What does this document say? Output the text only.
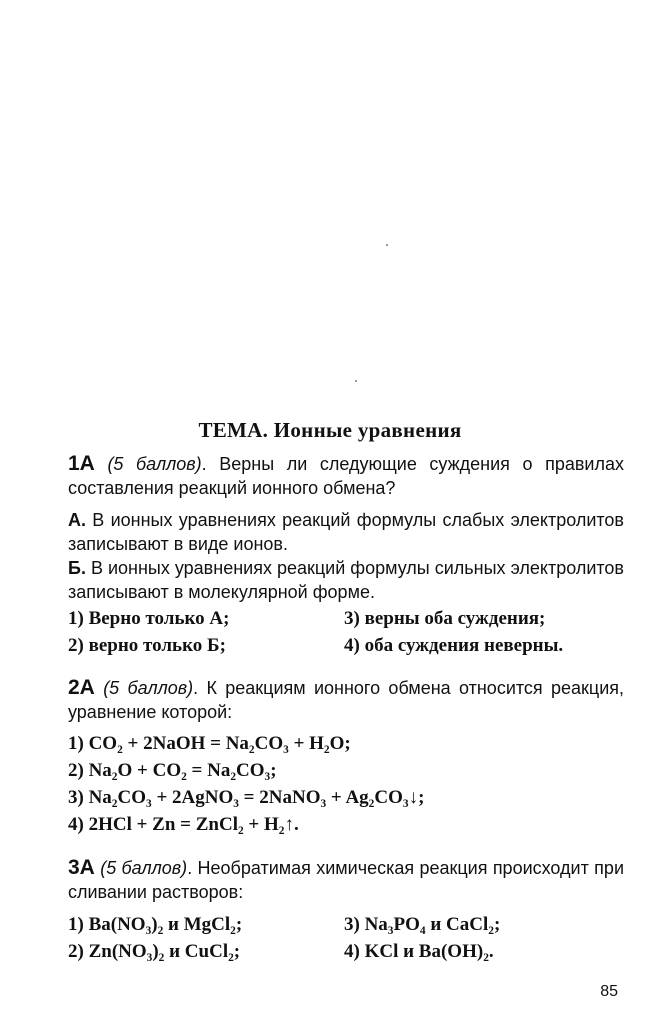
ТЕМА. Ионные уравнения
1А (5 баллов). Верны ли следующие суждения о правилах составления реакций ионного обмена?
А. В ионных уравнениях реакций формулы слабых электролитов записывают в виде ионов.
Б. В ионных уравнениях реакций формулы сильных электролитов записывают в молекулярной форме.
1) Верно только А;	3) верны оба суждения;
2) верно только Б;	4) оба суждения неверны.
2А (5 баллов). К реакциям ионного обмена относится реакция, уравнение которой:
1) CO₂ + 2NaOH = Na₂CO₃ + H₂O;
2) Na₂O + CO₂ = Na₂CO₃;
3) Na₂CO₃ + 2AgNO₃ = 2NaNO₃ + Ag₂CO₃↓;
4) 2HCl + Zn = ZnCl₂ + H₂↑.
3А (5 баллов). Необратимая химическая реакция происходит при сливании растворов:
1) Ba(NO₃)₂ и MgCl₂;	3) Na₃PO₄ и CaCl₂;
2) Zn(NO₃)₂ и CuCl₂;	4) KCl и Ba(OH)₂.
85
